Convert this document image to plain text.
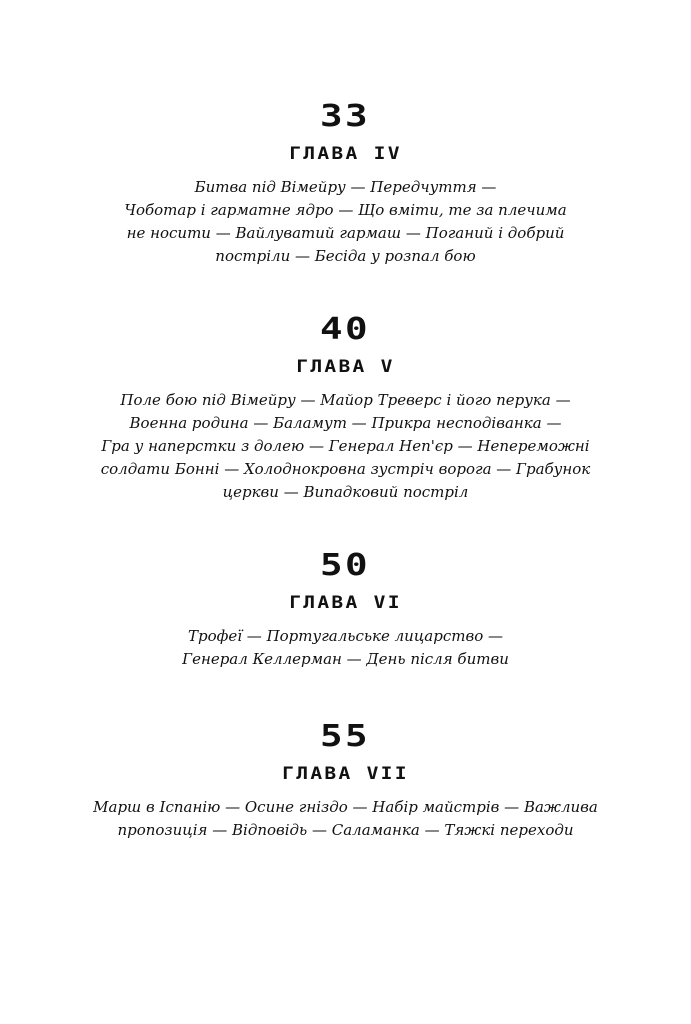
33
ГЛАВА IV
Битва під Вімейру — Передчуття —
Чоботар і гарматне ядро — Що вміти, те за плечима
не носити — Вайлуватий гармаш — Поганий і добрий
постріли — Бесіда у розпал бою
40
ГЛАВА V
Поле бою під Вімейру — Майор Треверс і його перука —
Военна родина — Баламут — Прикра несподіванка —
Гра у наперстки з долею — Генерал Неп'єр — Непереможні
солдати Бонні — Холоднокровна зустріч ворога — Грабунок
церкви — Випадковий постріл
50
ГЛАВА VI
Трофеї — Португальське лицарство —
Генерал Келлерман — День після битви
55
ГЛАВА VII
Марш в Іспанію — Осине гніздо — Набір майстрів — Важлива
пропозиція — Відповідь — Саламанка — Тяжкі переходи
